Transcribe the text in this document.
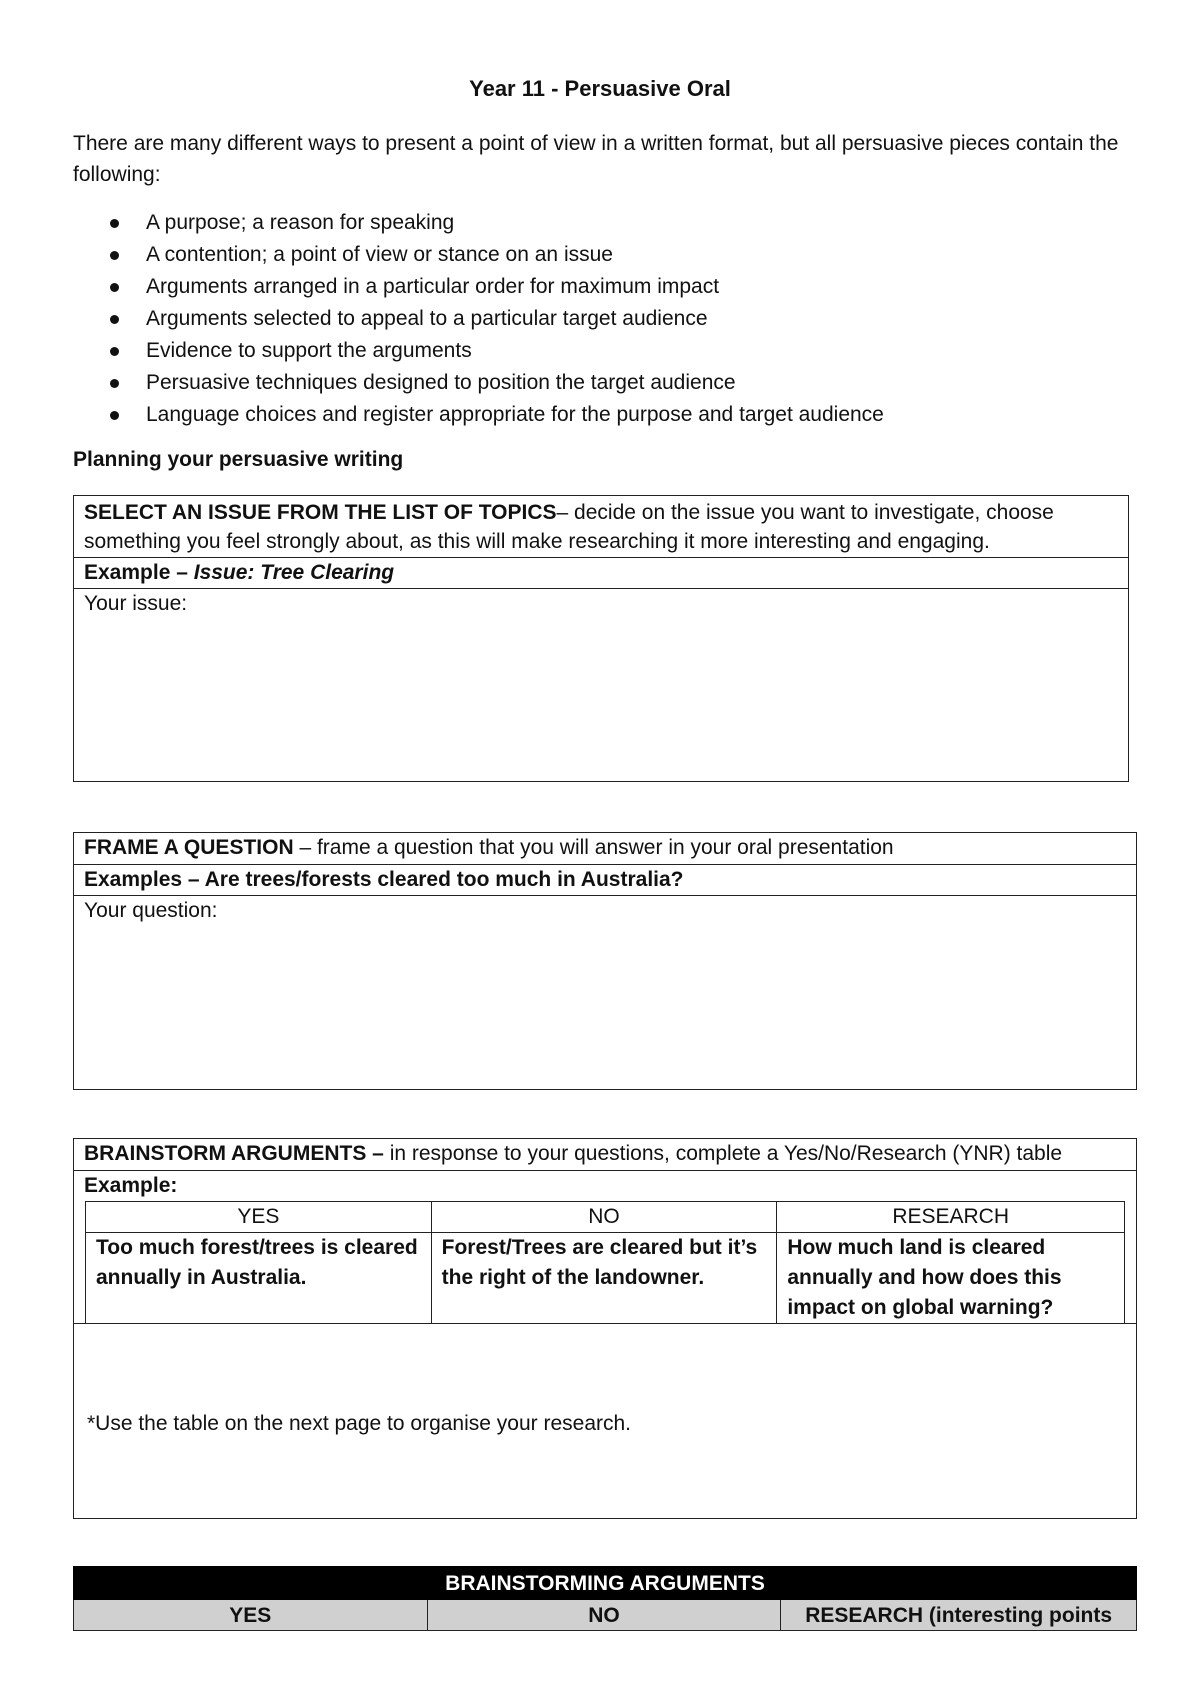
Year 11 - Persuasive Oral

There are many different ways to present a point of view in a written format, but all persuasive pieces contain the following:

A purpose; a reason for speaking
A contention; a point of view or stance on an issue
Arguments arranged in a particular order for maximum impact
Arguments selected to appeal to a particular target audience
Evidence to support the arguments
Persuasive techniques designed to position the target audience
Language choices and register appropriate for the purpose and target audience
Planning your persuasive writing
SELECT AN ISSUE FROM THE LIST OF TOPICS– decide on the issue you want to investigate, choose something you feel strongly about, as this will make researching it more interesting and engaging.
Example – Issue: Tree Clearing
Your issue:
FRAME A QUESTION – frame a question that you will answer in your oral presentation
Examples – Are trees/forests cleared too much in Australia?
Your question:
BRAINSTORM ARGUMENTS – in response to your questions, complete a Yes/No/Research (YNR) table
Example:
YES	NO	RESEARCH
Too much forest/trees is cleared annually in Australia.	Forest/Trees are cleared but it’s the right of the landowner.	How much land is cleared annually and how does this impact on global warning?
*Use the table on the next page to organise your research.
BRAINSTORMING ARGUMENTS
YES	NO	RESEARCH (interesting points
